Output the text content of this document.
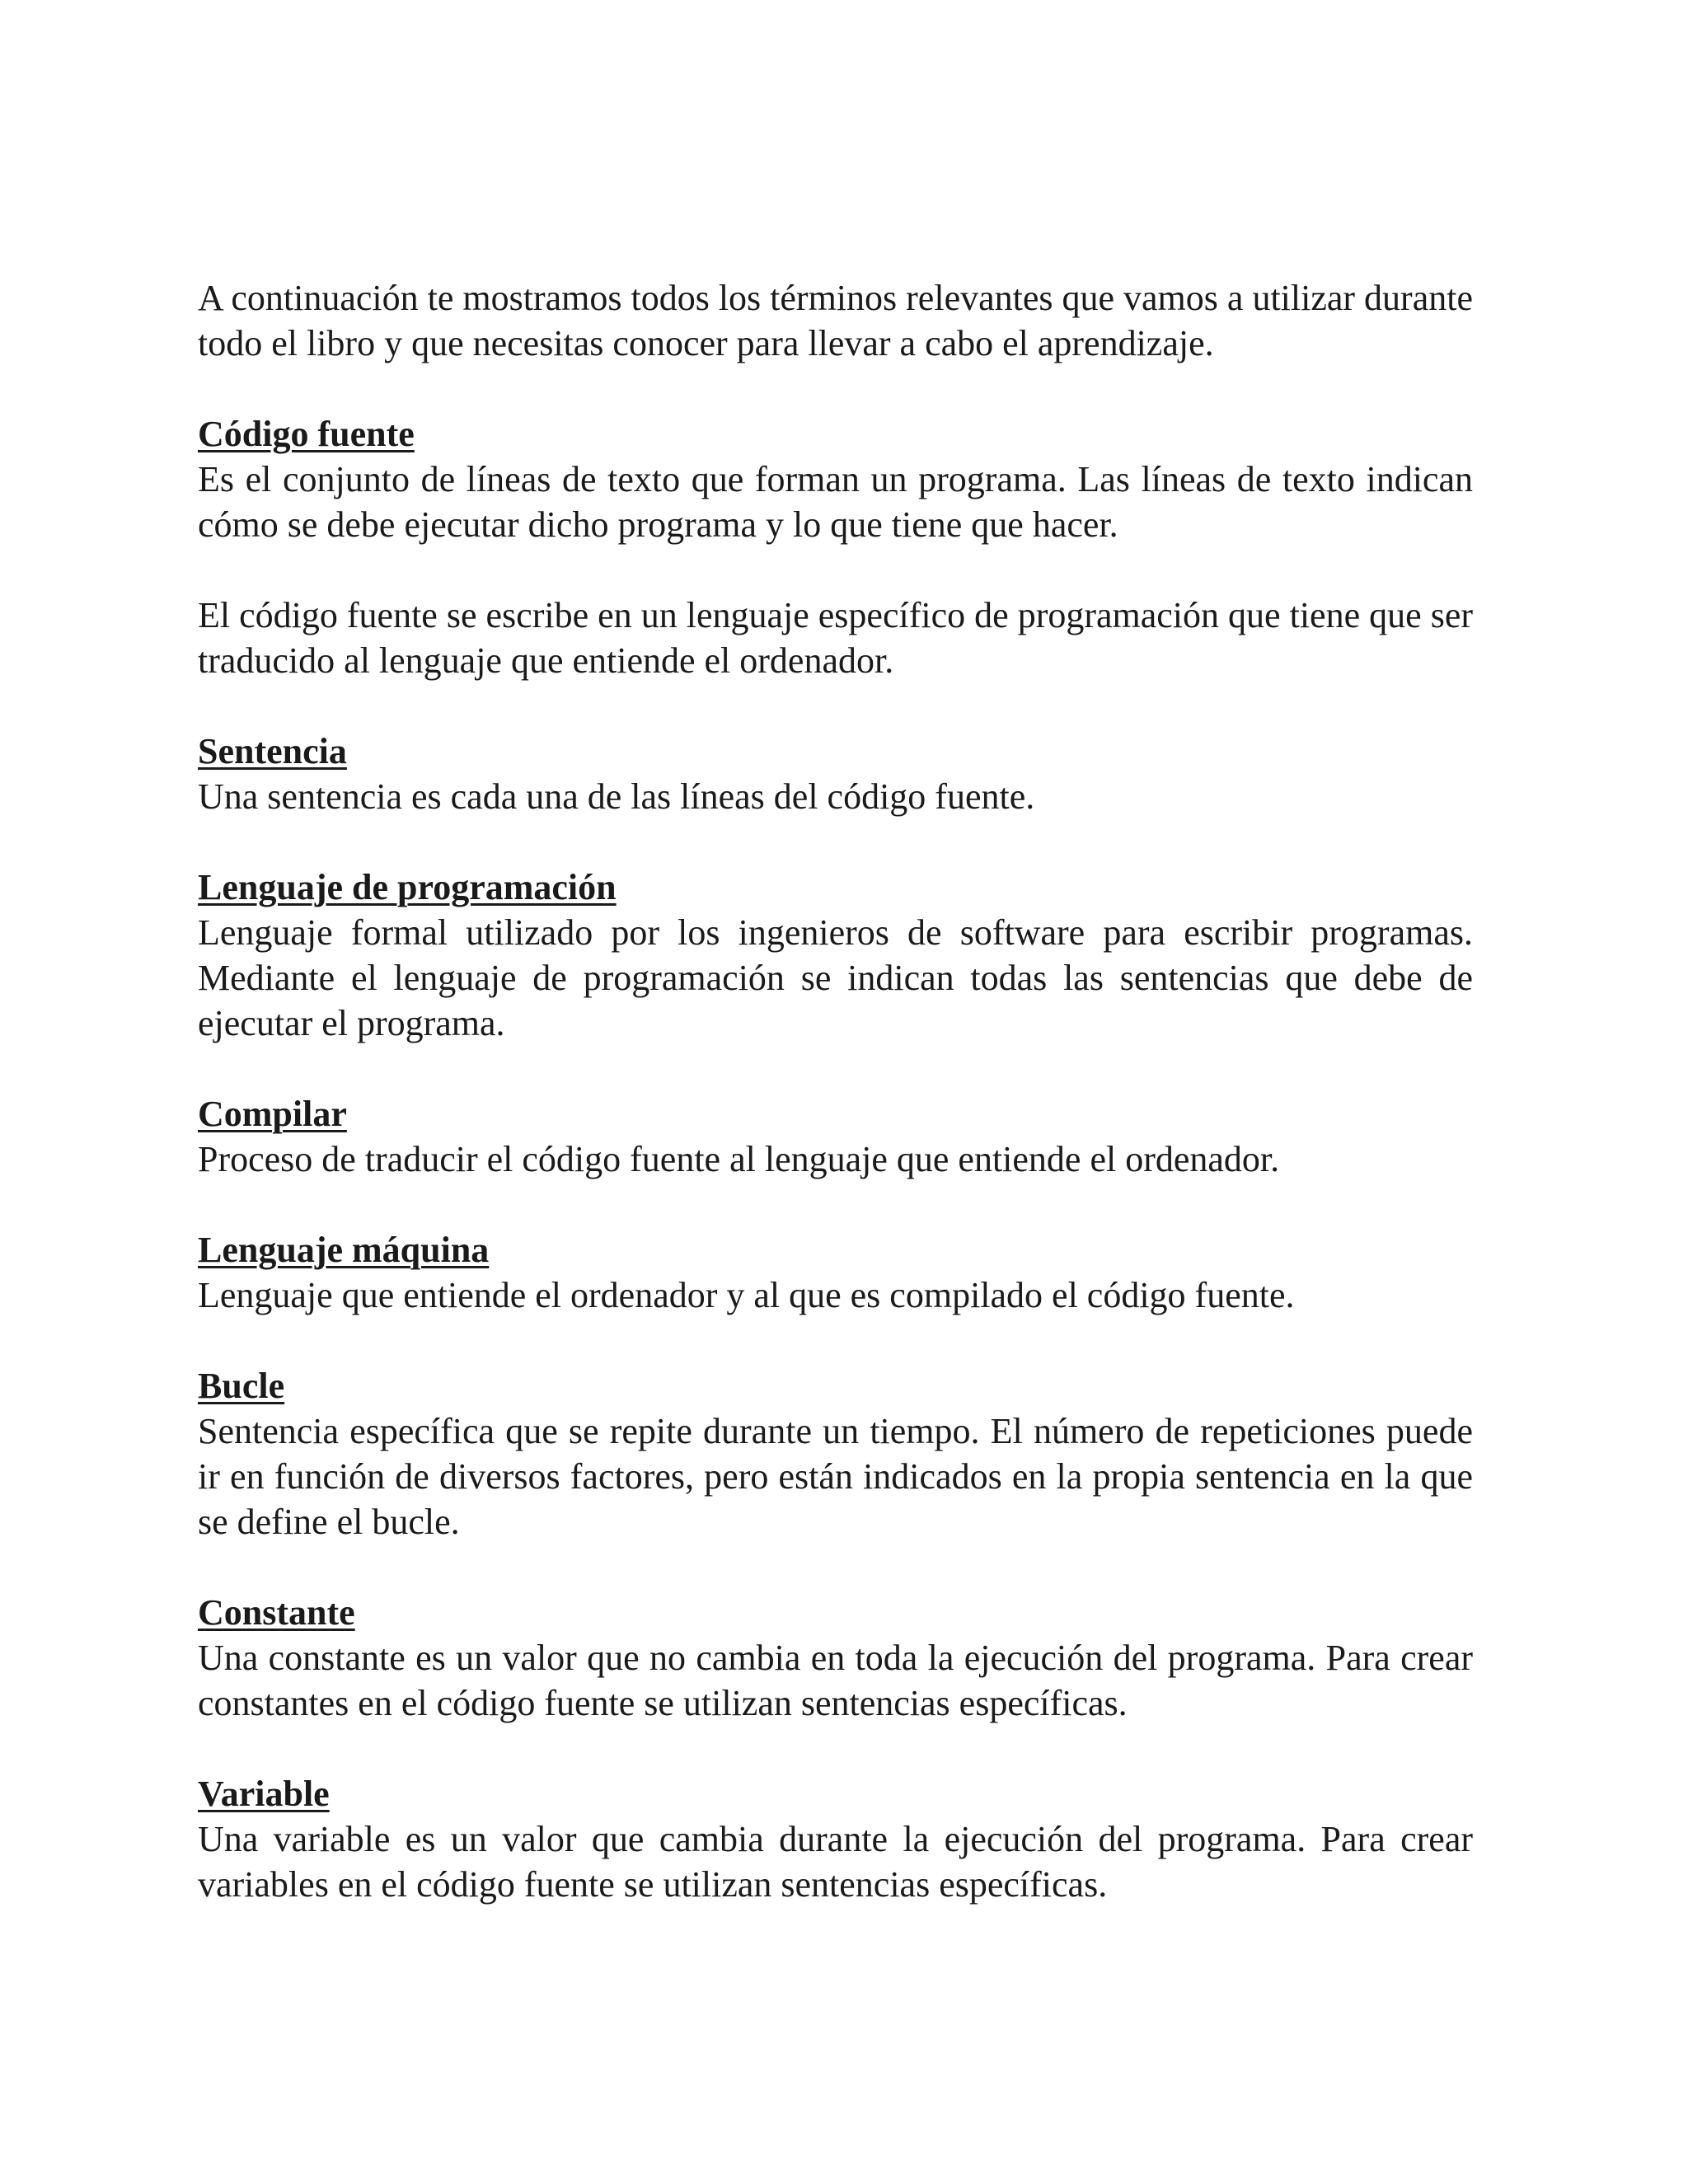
A continuación te mostramos todos los términos relevantes que vamos a utilizar durante todo el libro y que necesitas conocer para llevar a cabo el aprendizaje.

Código fuente

Es el conjunto de líneas de texto que forman un programa. Las líneas de texto indican cómo se debe ejecutar dicho programa y lo que tiene que hacer.

El código fuente se escribe en un lenguaje específico de programación que tiene que ser traducido al lenguaje que entiende el ordenador.

Sentencia

Una sentencia es cada una de las líneas del código fuente.

Lenguaje de programación

Lenguaje formal utilizado por los ingenieros de software para escribir programas. Mediante el lenguaje de programación se indican todas las sentencias que debe de ejecutar el programa.

Compilar

Proceso de traducir el código fuente al lenguaje que entiende el ordenador.

Lenguaje máquina

Lenguaje que entiende el ordenador y al que es compilado el código fuente.

Bucle

Sentencia específica que se repite durante un tiempo. El número de repeticiones puede ir en función de diversos factores, pero están indicados en la propia sentencia en la que se define el bucle.

Constante

Una constante es un valor que no cambia en toda la ejecución del programa. Para crear constantes en el código fuente se utilizan sentencias específicas.

Variable

Una variable es un valor que cambia durante la ejecución del programa. Para crear variables en el código fuente se utilizan sentencias específicas.
